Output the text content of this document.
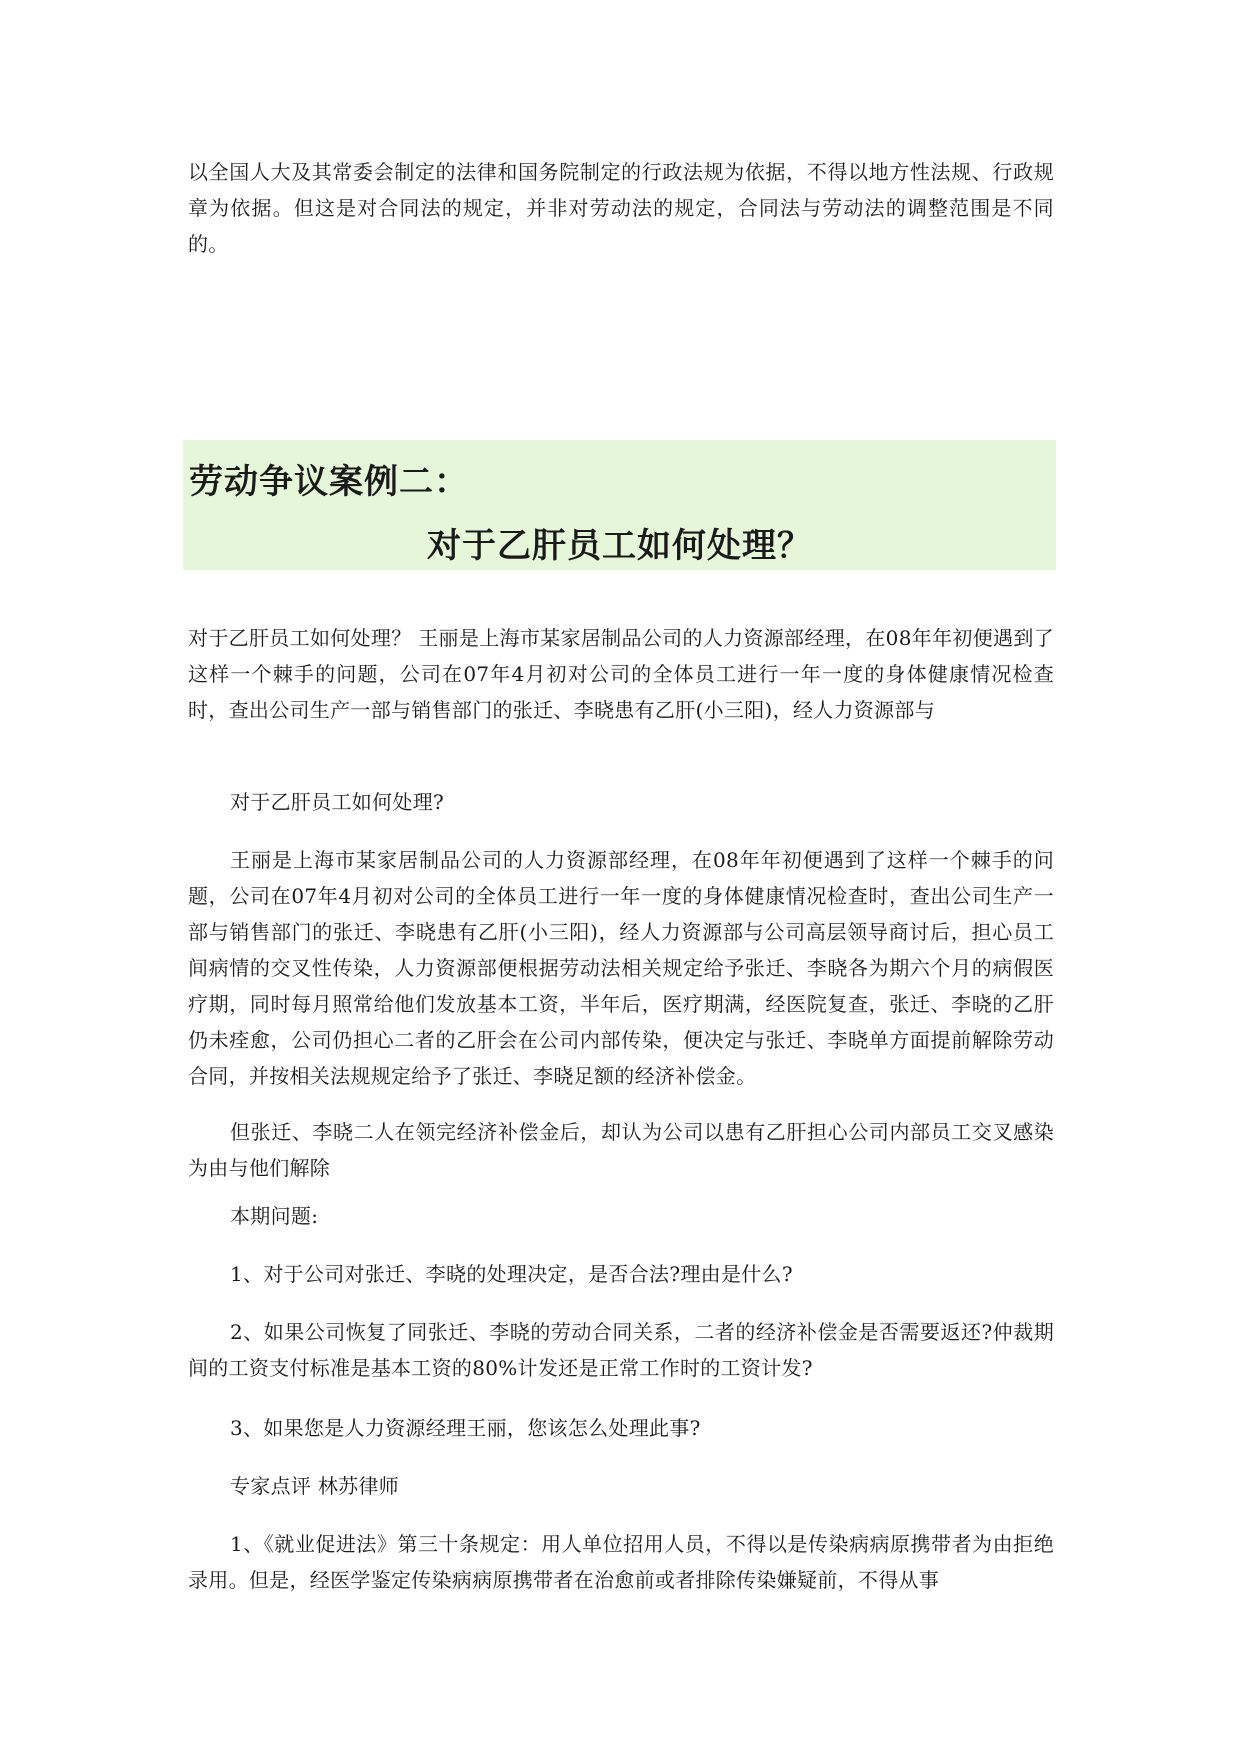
以全国人大及其常委会制定的法律和国务院制定的行政法规为依据，不得以地方性法规、行政规章为依据。但这是对合同法的规定，并非对劳动法的规定，合同法与劳动法的调整范围是不同的。

劳动争议案例二：

对于乙肝员工如何处理？

对于乙肝员工如何处理？ 王丽是上海市某家居制品公司的人力资源部经理，在08年年初便遇到了这样一个棘手的问题，公司在07年4月初对公司的全体员工进行一年一度的身体健康情况检查时，查出公司生产一部与销售部门的张迁、李晓患有乙肝(小三阳)，经人力资源部与

对于乙肝员工如何处理?

王丽是上海市某家居制品公司的人力资源部经理，在08年年初便遇到了这样一个棘手的问题，公司在07年4月初对公司的全体员工进行一年一度的身体健康情况检查时，查出公司生产一部与销售部门的张迁、李晓患有乙肝(小三阳)，经人力资源部与公司高层领导商讨后，担心员工间病情的交叉性传染，人力资源部便根据劳动法相关规定给予张迁、李晓各为期六个月的病假医疗期，同时每月照常给他们发放基本工资，半年后，医疗期满，经医院复查，张迁、李晓的乙肝仍未痊愈，公司仍担心二者的乙肝会在公司内部传染，便决定与张迁、李晓单方面提前解除劳动合同，并按相关法规规定给予了张迁、李晓足额的经济补偿金。

但张迁、李晓二人在领完经济补偿金后，却认为公司以患有乙肝担心公司内部员工交叉感染为由与他们解除

本期问题:

1、对于公司对张迁、李晓的处理决定，是否合法?理由是什么?

2、如果公司恢复了同张迁、李晓的劳动合同关系，二者的经济补偿金是否需要返还?仲裁期间的工资支付标准是基本工资的80%计发还是正常工作时的工资计发?

3、如果您是人力资源经理王丽，您该怎么处理此事?

专家点评 林苏律师

1、《就业促进法》第三十条规定：用人单位招用人员，不得以是传染病病原携带者为由拒绝录用。但是，经医学鉴定传染病病原携带者在治愈前或者排除传染嫌疑前，不得从事
